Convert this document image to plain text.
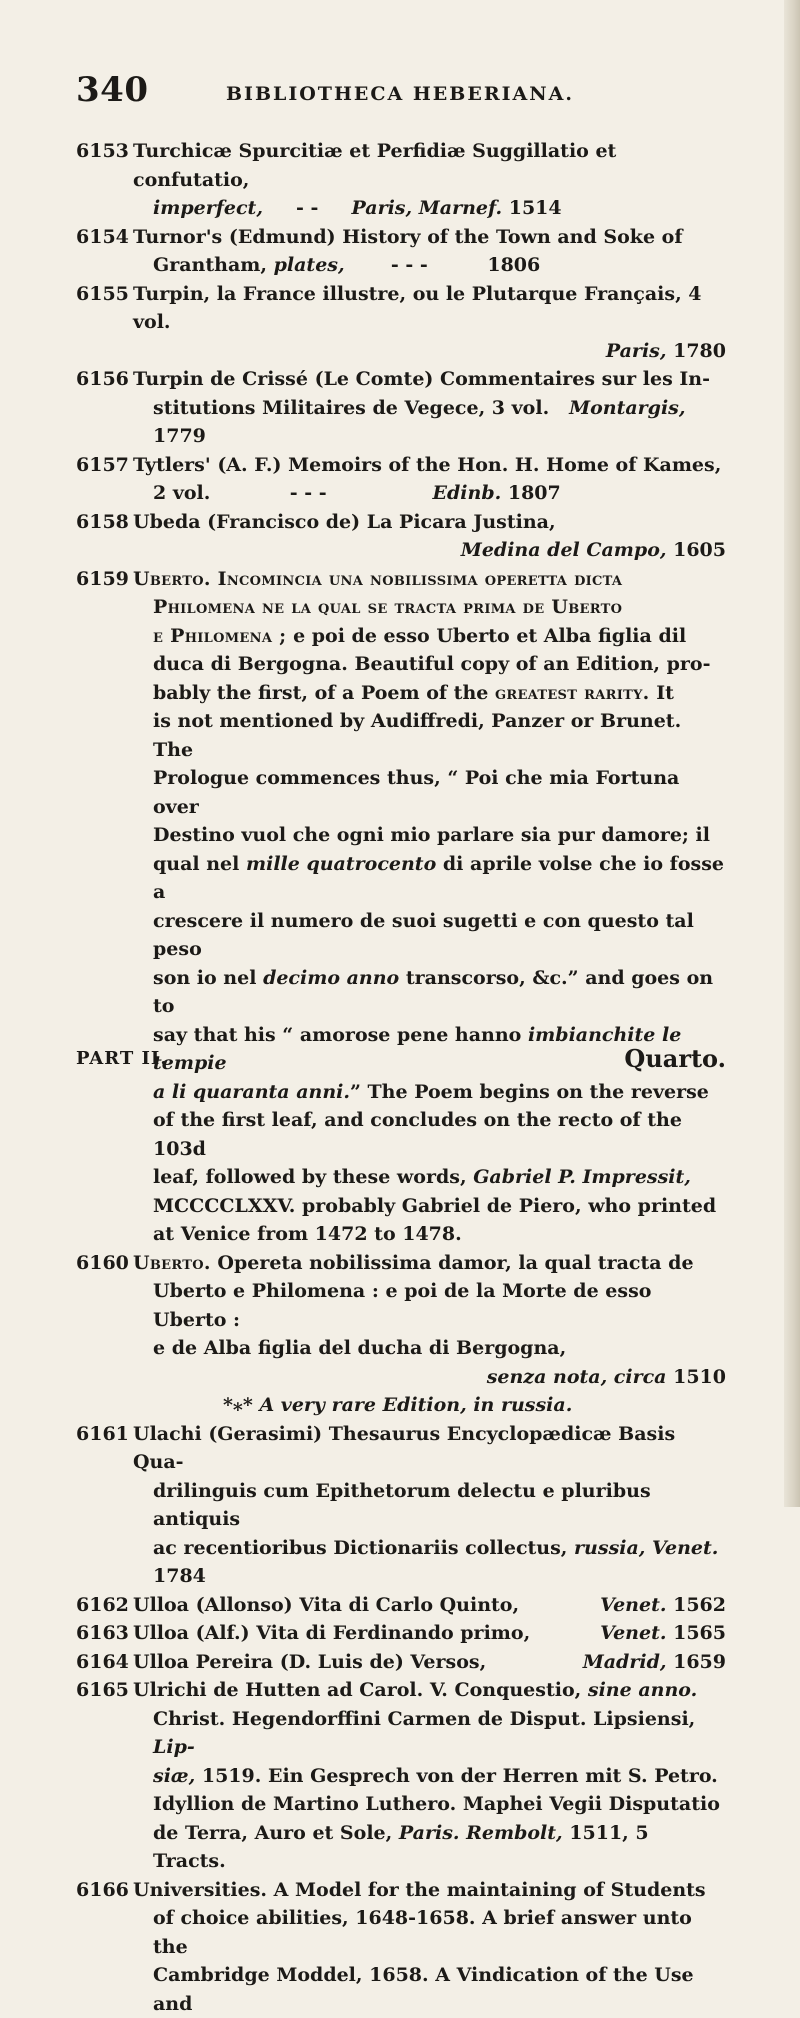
340	BIBLIOTHECA HEBERIANA.
6153 Turchicæ Spurcitiæ et Perfidiæ Suggillatio et confutatio,
imperfect, - - Paris, Marnef. 1514
6154 Turnor's (Edmund) History of the Town and Soke of
Grantham, plates, - - -	1806
6155 Turpin, la France illustre, ou le Plutarque Français, 4 vol.
Paris, 1780
6156 Turpin de Crissé (Le Comte) Commentaires sur les In-
stitutions Militaires de Vegece, 3 vol. Montargis, 1779
6157 Tytlers' (A. F.) Memoirs of the Hon. H. Home of Kames,
2 vol.	- - -	Edinb. 1807
6158 Ubeda (Francisco de) La Picara Justina,
Medina del Campo, 1605
6159 Uberto. Incomincia una nobilissima operetta dicta
Philomena ne la qual se tracta prima de Uberto
e Philomena ; e poi de esso Uberto et Alba figlia dil
duca di Bergogna. Beautiful copy of an Edition, pro-
bably the first, of a Poem of the greatest rarity. It
is not mentioned by Audiffredi, Panzer or Brunet. The
Prologue commences thus, “ Poi che mia Fortuna over
Destino vuol che ogni mio parlare sia pur damore; il
qual nel mille quatrocento di aprile volse che io fosse a
crescere il numero de suoi sugetti e con questo tal peso
son io nel decimo anno transcorso, &c.” and goes on to
say that his “ amorose pene hanno imbianchite le tempie
a li quaranta anni.” The Poem begins on the reverse
of the first leaf, and concludes on the recto of the 103d
leaf, followed by these words, Gabriel P. Impressit,
MCCCCLXXV. probably Gabriel de Piero, who printed
at Venice from 1472 to 1478.
6160 Uberto. Opereta nobilissima damor, la qual tracta de
Uberto e Philomena : e poi de la Morte de esso Uberto :
e de Alba figlia del ducha di Bergogna,
senza nota, circa 1510
*⁎* A very rare Edition, in russia.
6161 Ulachi (Gerasimi) Thesaurus Encyclopædicæ Basis Qua-
drilinguis cum Epithetorum delectu e pluribus antiquis
ac recentioribus Dictionariis collectus, russia, Venet. 1784
6162 Ulloa (Allonso) Vita di Carlo Quinto,	Venet. 1562
6163 Ulloa (Alf.) Vita di Ferdinando primo,	Venet. 1565
6164 Ulloa Pereira (D. Luis de) Versos,	Madrid, 1659
6165 Ulrichi de Hutten ad Carol. V. Conquestio, sine anno.
Christ. Hegendorffini Carmen de Disput. Lipsiensi, Lip-
siæ, 1519. Ein Gesprech von der Herren mit S. Petro.
Idyllion de Martino Luthero. Maphei Vegii Disputatio
de Terra, Auro et Sole, Paris. Rembolt, 1511, 5 Tracts.
6166 Universities. A Model for the maintaining of Students
of choice abilities, 1648-1658. A brief answer unto the
Cambridge Moddel, 1658. A Vindication of the Use and
PART II.	Quarto.
